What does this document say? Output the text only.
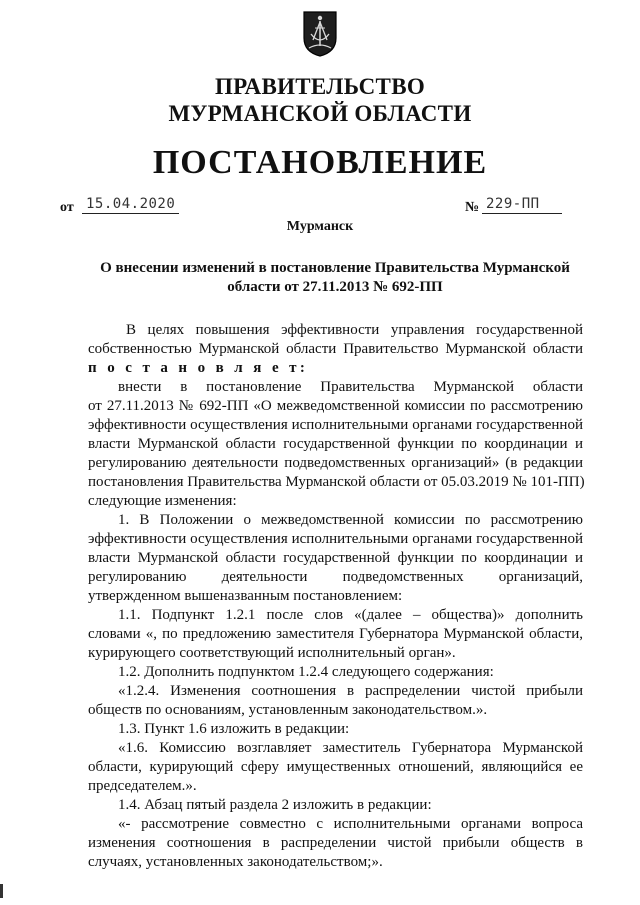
ПРАВИТЕЛЬСТВО
МУРМАНСКОЙ ОБЛАСТИ
ПОСТАНОВЛЕНИЕ
от 15.04.2020	№ 229-ПП
Мурманск
О внесении изменений в постановление Правительства Мурманской
области от 27.11.2013 № 692-ПП
В целях повышения эффективности управления государственной
собственностью Мурманской области Правительство Мурманской области
п о с т а н о в л я е т:
внести в постановление Правительства Мурманской области
от 27.11.2013 № 692-ПП «О межведомственной комиссии по рассмотрению
эффективности осуществления исполнительными органами государственной
власти Мурманской области государственной функции по координации и
регулированию деятельности подведомственных организаций» (в редакции
постановления Правительства Мурманской области от 05.03.2019 № 101-ПП)
следующие изменения:
1. В Положении о межведомственной комиссии по рассмотрению
эффективности осуществления исполнительными органами государственной
власти Мурманской области государственной функции по координации и
регулированию деятельности подведомственных организаций,
утвержденном вышеназванным постановлением:
1.1. Подпункт 1.2.1 после слов «(далее – общества)» дополнить
словами «, по предложению заместителя Губернатора Мурманской области,
курирующего соответствующий исполнительный орган».
1.2. Дополнить подпунктом 1.2.4 следующего содержания:
«1.2.4. Изменения соотношения в распределении чистой прибыли
обществ по основаниям, установленным законодательством.».
1.3. Пункт 1.6 изложить в редакции:
«1.6. Комиссию возглавляет заместитель Губернатора Мурманской
области, курирующий сферу имущественных отношений, являющийся ее
председателем.».
1.4. Абзац пятый раздела 2 изложить в редакции:
«- рассмотрение совместно с исполнительными органами вопроса
изменения соотношения в распределении чистой прибыли обществ в
случаях, установленных законодательством;».
